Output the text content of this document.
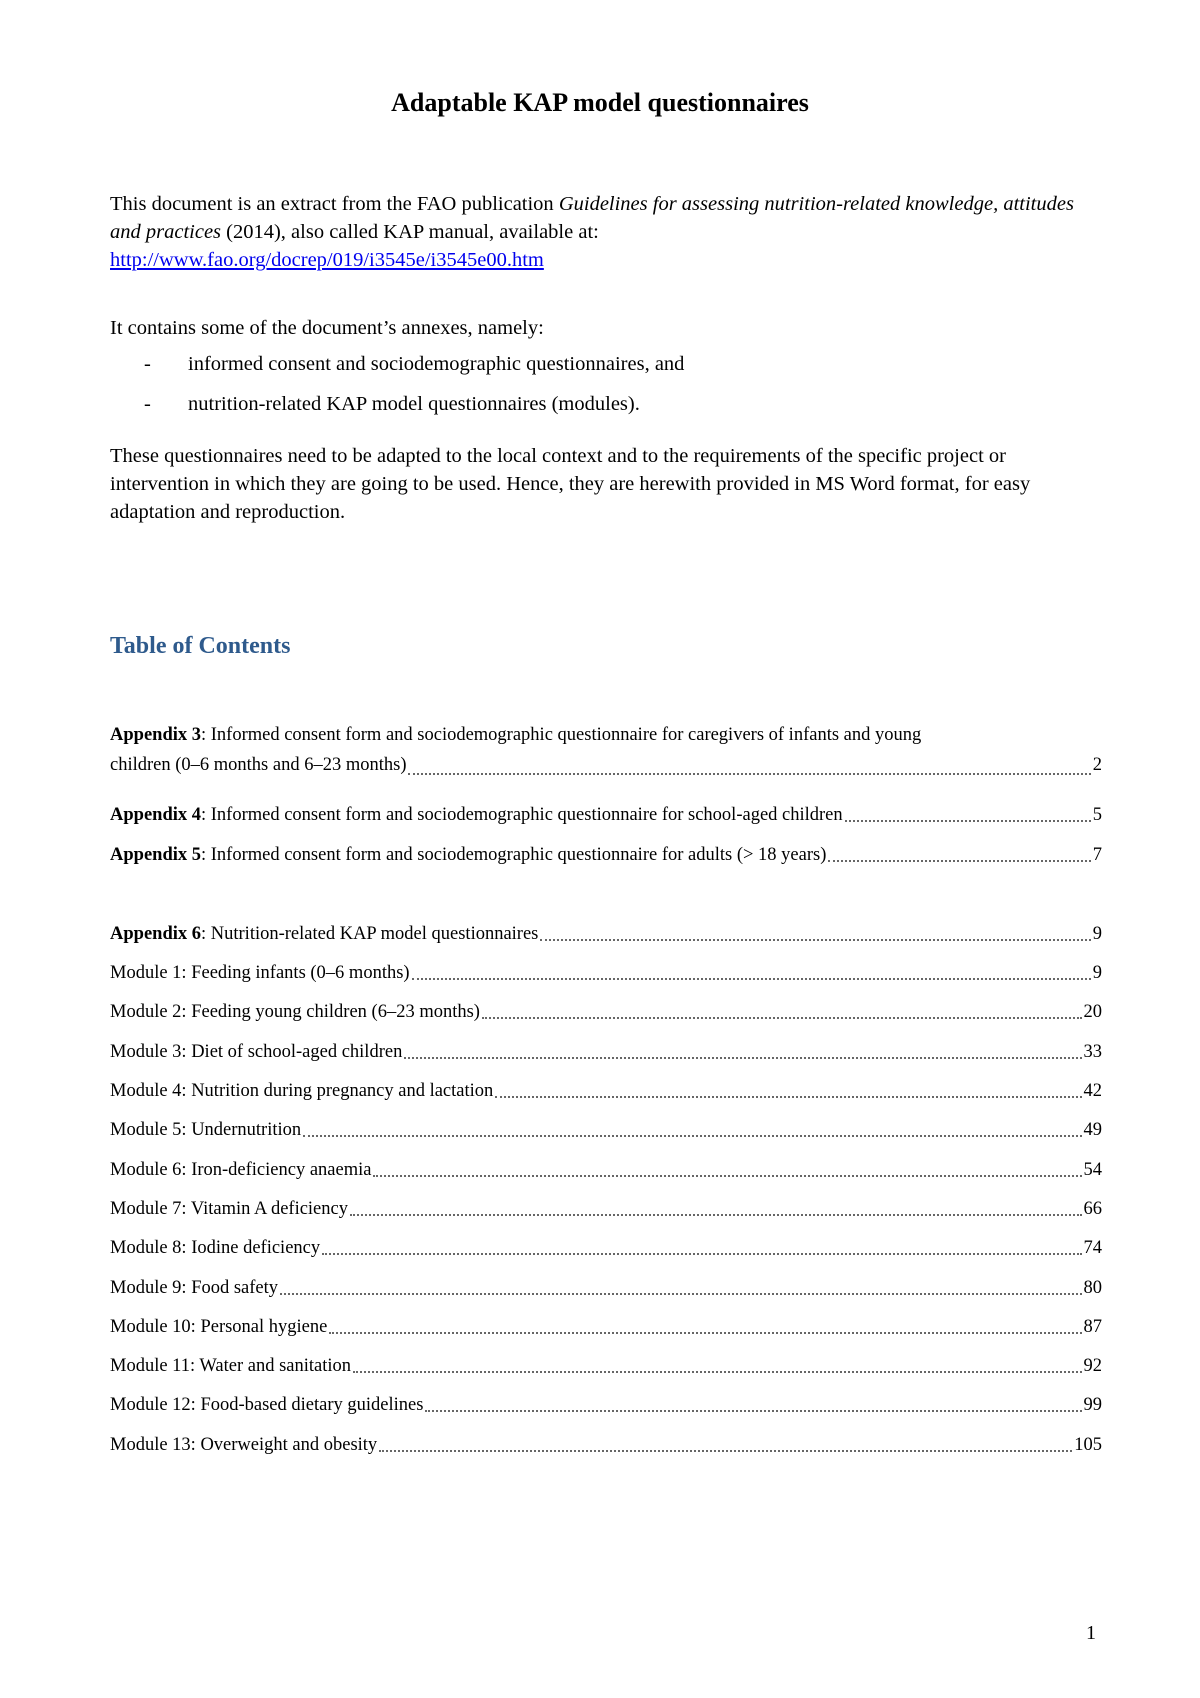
Adaptable KAP model questionnaires

This document is an extract from the FAO publication Guidelines for assessing nutrition-related knowledge, attitudes and practices (2014), also called KAP manual, available at:

http://www.fao.org/docrep/019/i3545e/i3545e00.htm

It contains some of the document’s annexes, namely:

- informed consent and sociodemographic questionnaires, and
- nutrition-related KAP model questionnaires (modules).

These questionnaires need to be adapted to the local context and to the requirements of the specific project or intervention in which they are going to be used. Hence, they are herewith provided in MS Word format, for easy adaptation and reproduction.

Table of Contents
Appendix 3: Informed consent form and sociodemographic questionnaire for caregivers of infants and young
children (0–6 months and 6–23 months)	2
Appendix 4: Informed consent form and sociodemographic questionnaire for school-aged children	5
Appendix 5: Informed consent form and sociodemographic questionnaire for adults (> 18 years)	7
Appendix 6: Nutrition-related KAP model questionnaires	9
Module 1: Feeding infants (0–6 months)	9
Module 2: Feeding young children (6–23 months)	20
Module 3: Diet of school-aged children	33
Module 4: Nutrition during pregnancy and lactation	42
Module 5: Undernutrition	49
Module 6: Iron-deficiency anaemia	54
Module 7: Vitamin A deficiency	66
Module 8: Iodine deficiency	74
Module 9: Food safety	80
Module 10: Personal hygiene	87
Module 11: Water and sanitation	92
Module 12: Food-based dietary guidelines	99
Module 13: Overweight and obesity	105
1
